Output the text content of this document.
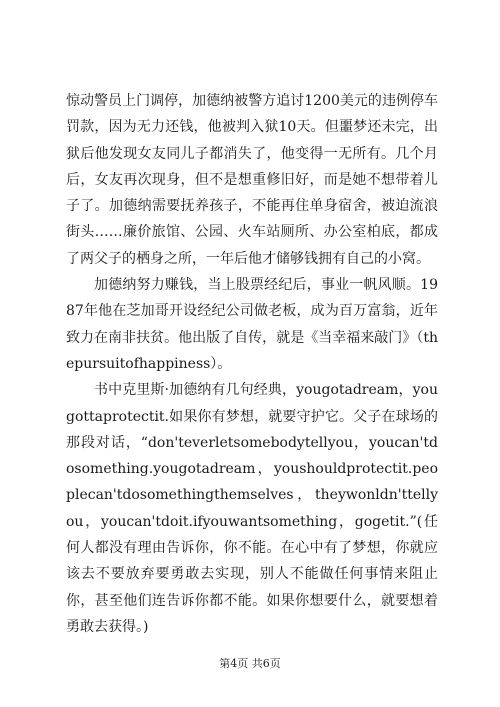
惊动警员上门调停，加德纳被警方追讨1200美元的违例停车罚款，因为无力还钱，他被判入狱10天。但噩梦还未完，出狱后他发现女友同儿子都消失了，他变得一无所有。几个月后，女友再次现身，但不是想重修旧好，而是她不想带着儿子了。加德纳需要抚养孩子，不能再住单身宿舍，被迫流浪街头……廉价旅馆、公园、火车站厕所、办公室柏底，都成了两父子的栖身之所，一年后他才储够钱拥有自己的小窝。

加德纳努力赚钱，当上股票经纪后，事业一帆风顺。1987年他在芝加哥开设经纪公司做老板，成为百万富翁，近年致力在南非扶贫。他出版了自传，就是《当幸福来敲门》（thepursuitofhappiness）。

书中克里斯·加德纳有几句经典，yougotadream，yougottaprotectit.如果你有梦想，就要守护它。父子在球场的那段对话，“don'teverletsomebodytellyou，youcan'tdosomething.yougotadream，youshouldprotectit.peoplecan'tdosomethingthemselves，theywonldn'ttellyou，youcan'tdoit.ifyouwantsomething，gogetit.”(任何人都没有理由告诉你，你不能。在心中有了梦想，你就应该去不要放弃要勇敢去实现，别人不能做任何事情来阻止你，甚至他们连告诉你都不能。如果你想要什么，就要想着勇敢去获得。)

第4页 共6页
